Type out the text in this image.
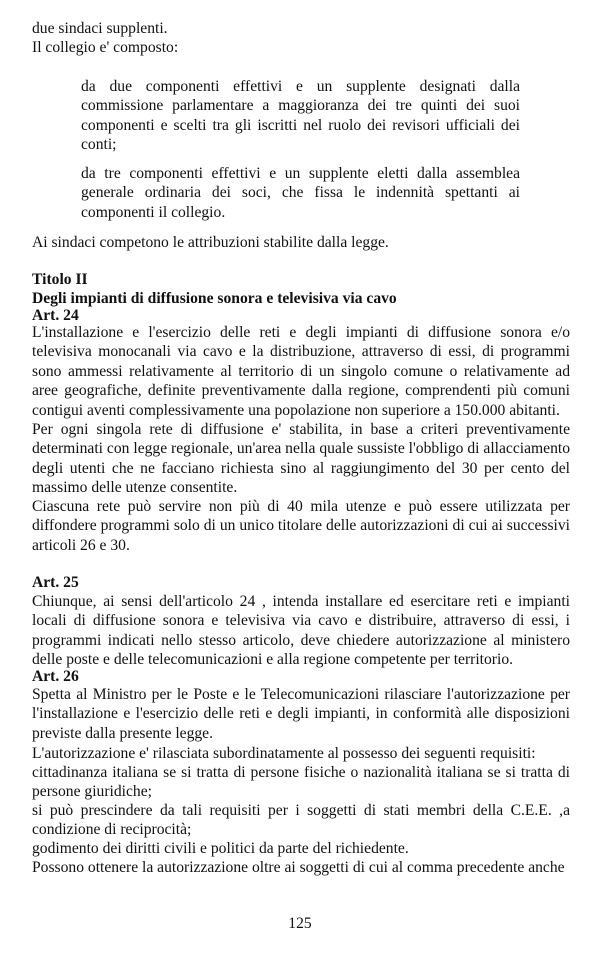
due sindaci supplenti.
Il collegio e' composto:
da due componenti effettivi e un supplente designati dalla commissione parlamentare a maggioranza dei tre quinti dei suoi componenti e scelti tra gli iscritti nel ruolo dei revisori ufficiali dei conti;
da tre componenti effettivi e un supplente eletti dalla assemblea generale ordinaria dei soci, che fissa le indennità spettanti ai componenti il collegio.
Ai sindaci competono le attribuzioni stabilite dalla legge.
Titolo II
Degli impianti di diffusione sonora e televisiva via cavo
Art. 24
L'installazione e l'esercizio delle reti e degli impianti di diffusione sonora e/o televisiva monocanali via cavo e la distribuzione, attraverso di essi, di programmi sono ammessi relativamente al territorio di un singolo comune o relativamente ad aree geografiche, definite preventivamente dalla regione, comprendenti più comuni contigui aventi complessivamente una popolazione non superiore a 150.000 abitanti.
Per ogni singola rete di diffusione e' stabilita, in base a criteri preventivamente determinati con legge regionale, un'area nella quale sussiste l'obbligo di allacciamento degli utenti che ne facciano richiesta sino al raggiungimento del 30 per cento del massimo delle utenze consentite.
Ciascuna rete può servire non più di 40 mila utenze e può essere utilizzata per diffondere programmi solo di un unico titolare delle autorizzazioni di cui ai successivi articoli 26 e 30.
Art. 25
Chiunque, ai sensi dell'articolo 24 , intenda installare ed esercitare reti e impianti locali di diffusione sonora e televisiva via cavo e distribuire, attraverso di essi, i programmi indicati nello stesso articolo, deve chiedere autorizzazione al ministero delle poste e delle telecomunicazioni e alla regione competente per territorio.
Art. 26
Spetta al Ministro per le Poste e le Telecomunicazioni rilasciare l'autorizzazione per l'installazione e l'esercizio delle reti e degli impianti, in conformità alle disposizioni previste dalla presente legge.
L'autorizzazione e' rilasciata subordinatamente al possesso dei seguenti requisiti:
cittadinanza italiana se si tratta di persone fisiche o nazionalità italiana se si tratta di persone giuridiche;
si può prescindere da tali requisiti per i soggetti di stati membri della C.E.E. ,a condizione di reciprocità;
godimento dei diritti civili e politici da parte del richiedente.
Possono ottenere la autorizzazione oltre ai soggetti di cui al comma precedente anche
125
